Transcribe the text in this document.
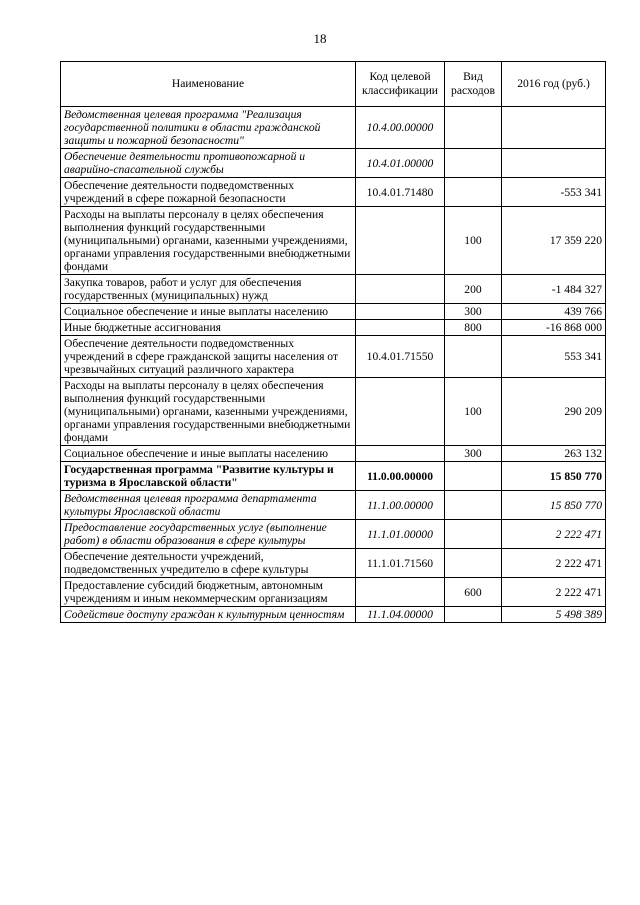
18
Наименование	Код целевой классификации	Вид расходов	2016 год (руб.)
Ведомственная целевая программа "Реализация государственной политики в области гражданской защиты и пожарной безопасности"	10.4.00.00000		
Обеспечение деятельности противопожарной и аварийно-спасательной службы	10.4.01.00000		
Обеспечение деятельности подведомственных учреждений в сфере пожарной безопасности	10.4.01.71480		-553 341
Расходы на выплаты персоналу в целях обеспечения выполнения функций государственными (муниципальными) органами, казенными учреждениями, органами управления государственными внебюджетными фондами		100	17 359 220
Закупка товаров, работ и услуг для обеспечения государственных (муниципальных) нужд		200	-1 484 327
Социальное обеспечение и иные выплаты населению		300	439 766
Иные бюджетные ассигнования		800	-16 868 000
Обеспечение деятельности подведомственных учреждений в сфере гражданской защиты населения от чрезвычайных ситуаций различного характера	10.4.01.71550		553 341
Расходы на выплаты персоналу в целях обеспечения выполнения функций государственными (муниципальными) органами, казенными учреждениями, органами управления государственными внебюджетными фондами		100	290 209
Социальное обеспечение и иные выплаты населению		300	263 132
Государственная программа "Развитие культуры и туризма в Ярославской области"	11.0.00.00000		15 850 770
Ведомственная целевая программа департамента культуры Ярославской области	11.1.00.00000		15 850 770
Предоставление государственных услуг (выполнение работ) в области образования в сфере культуры	11.1.01.00000		2 222 471
Обеспечение деятельности учреждений, подведомственных учредителю в сфере культуры	11.1.01.71560		2 222 471
Предоставление субсидий бюджетным, автономным учреждениям и иным некоммерческим организациям		600	2 222 471
Содействие доступу граждан к культурным ценностям	11.1.04.00000		5 498 389
